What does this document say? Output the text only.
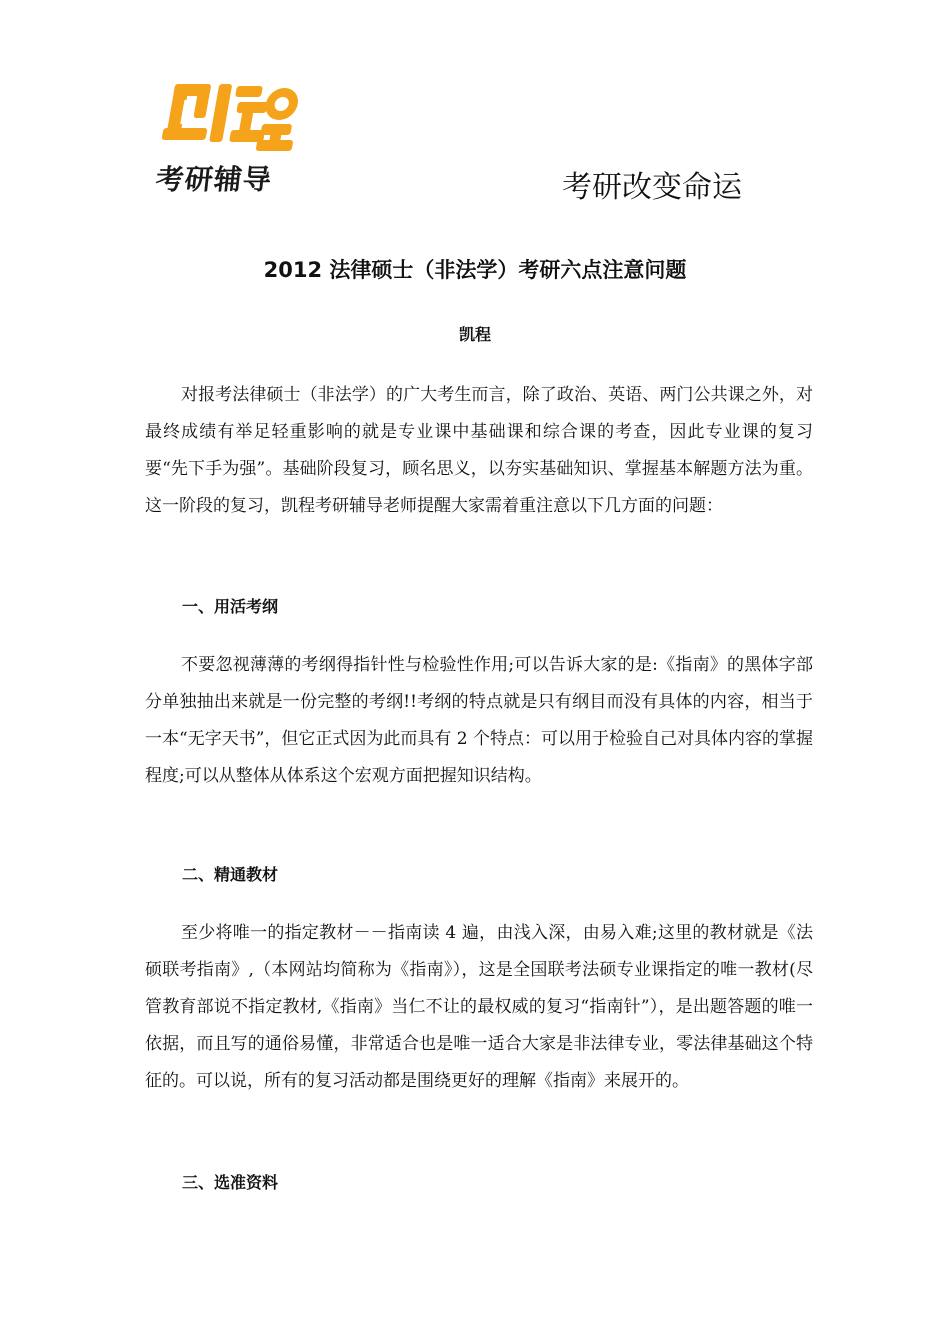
考研辅导	考研改变命运
2012 法律硕士（非法学）考研六点注意问题
凯程

对报考法律硕士（非法学）的广大考生而言，除了政治、英语、两门公共课之外，对最终成绩有举足轻重影响的就是专业课中基础课和综合课的考查，因此专业课的复习要“先下手为强”。基础阶段复习，顾名思义，以夯实基础知识、掌握基本解题方法为重。这一阶段的复习，凯程考研辅导老师提醒大家需着重注意以下几方面的问题：

一、用活考纲

不要忽视薄薄的考纲得指针性与检验性作用;可以告诉大家的是:《指南》的黑体字部分单独抽出来就是一份完整的考纲!!考纲的特点就是只有纲目而没有具体的内容，相当于一本“无字天书”，但它正式因为此而具有 2 个特点：可以用于检验自己对具体内容的掌握程度;可以从整体从体系这个宏观方面把握知识结构。

二、精通教材

至少将唯一的指定教材－－指南读 4 遍，由浅入深，由易入难;这里的教材就是《法硕联考指南》,（本网站均简称为《指南》），这是全国联考法硕专业课指定的唯一教材(尽管教育部说不指定教材,《指南》当仁不让的最权威的复习“指南针”），是出题答题的唯一依据，而且写的通俗易懂，非常适合也是唯一适合大家是非法律专业，零法律基础这个特征的。可以说，所有的复习活动都是围绕更好的理解《指南》来展开的。

三、选准资料
